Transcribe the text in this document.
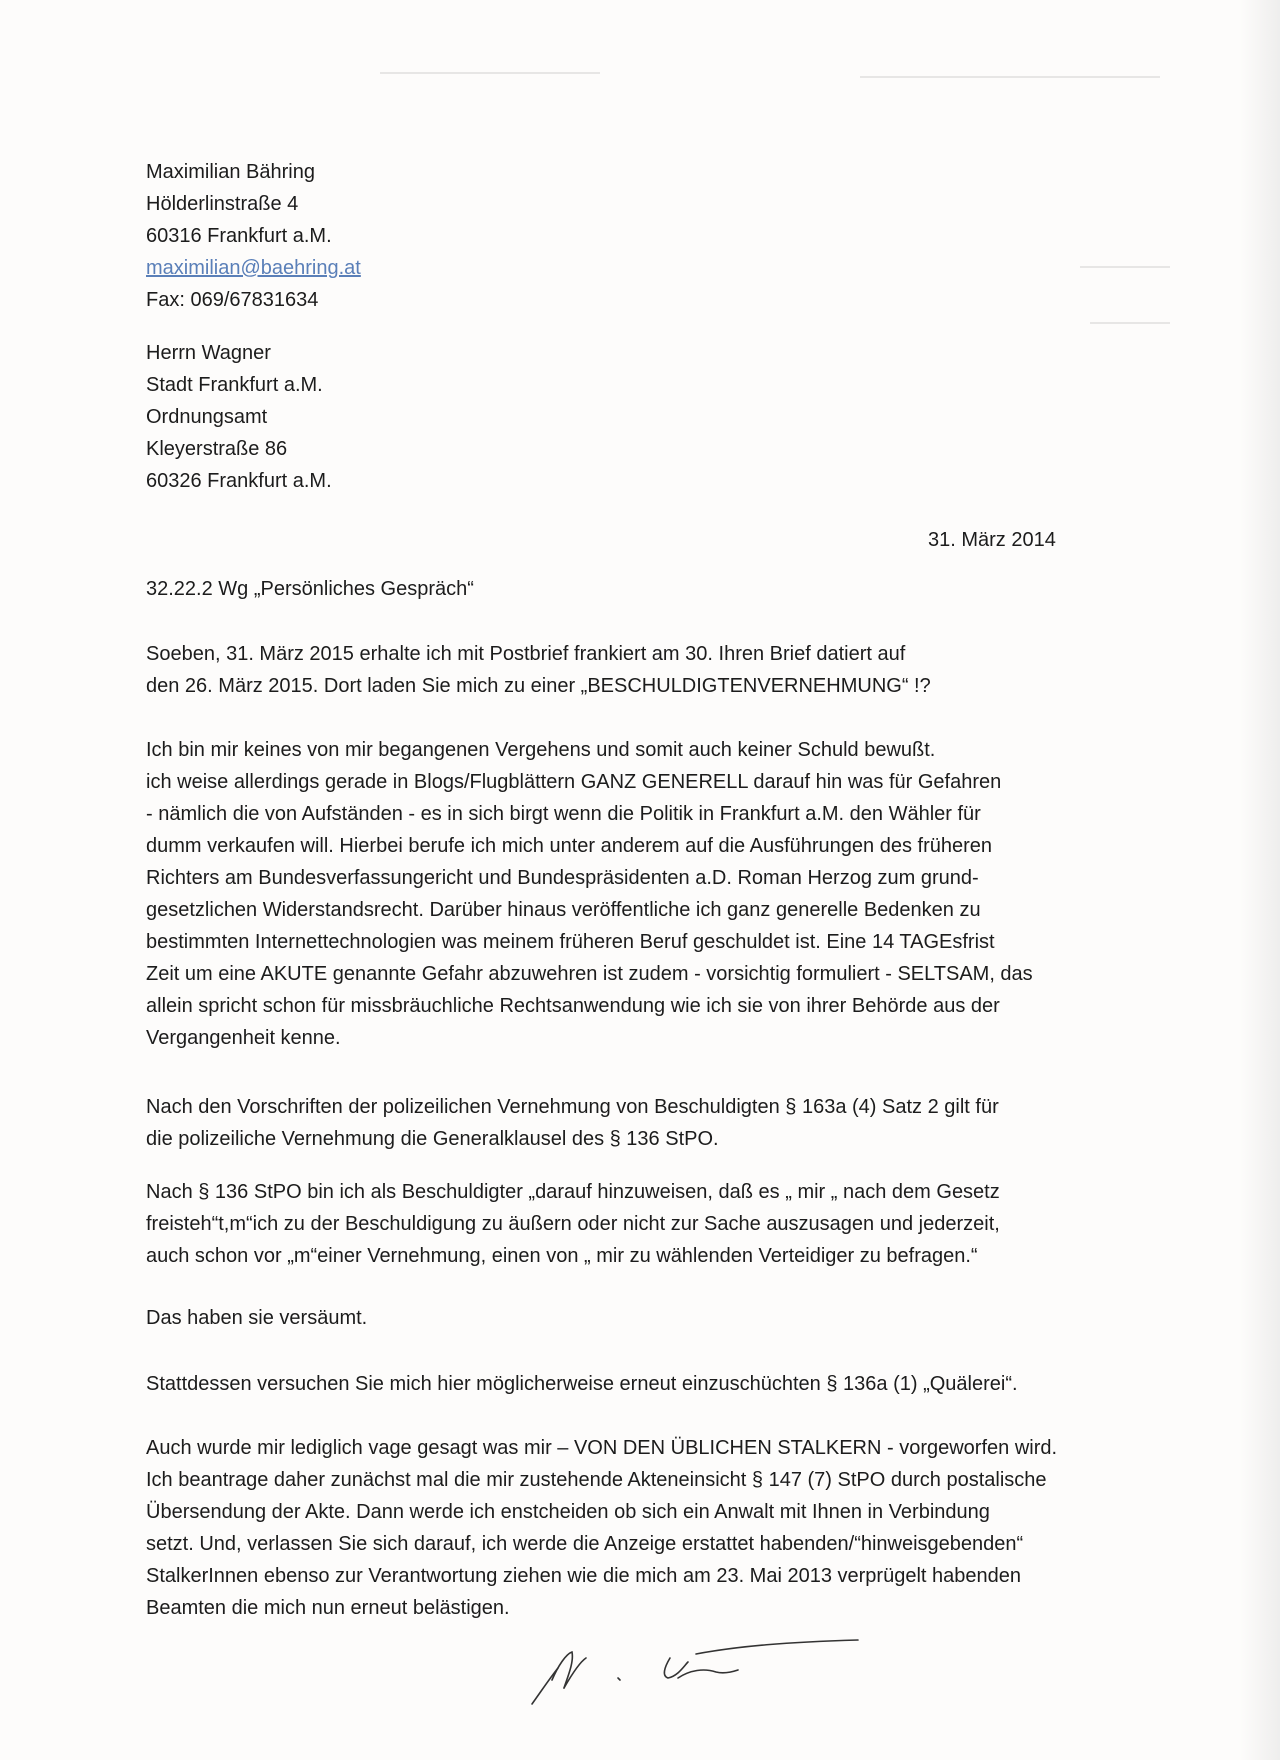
Maximilian Bähring
Hölderlinstraße 4
60316 Frankfurt a.M.
maximilian@baehring.at
Fax: 069/67831634
Herrn Wagner
Stadt Frankfurt a.M.
Ordnungsamt
Kleyerstraße 86
60326 Frankfurt a.M.
31. März 2014
32.22.2 Wg „Persönliches Gespräch“
Soeben, 31. März 2015 erhalte ich mit Postbrief frankiert am 30. Ihren Brief datiert auf
den 26. März 2015. Dort laden Sie mich zu einer „BESCHULDIGTENVERNEHMUNG“ !?
Ich bin mir keines von mir begangenen Vergehens und somit auch keiner Schuld bewußt.
ich weise allerdings gerade in Blogs/Flugblättern GANZ GENERELL darauf hin was für Gefahren
- nämlich die von Aufständen - es in sich birgt wenn die Politik in Frankfurt a.M. den Wähler für
dumm verkaufen will. Hierbei berufe ich mich unter anderem auf die Ausführungen des früheren
Richters am Bundesverfassungericht und Bundespräsidenten a.D. Roman Herzog zum grund-
gesetzlichen Widerstandsrecht. Darüber hinaus veröffentliche ich ganz generelle Bedenken zu
bestimmten Internettechnologien was meinem früheren Beruf geschuldet ist. Eine 14 TAGEsfrist
Zeit um eine AKUTE genannte Gefahr abzuwehren ist zudem - vorsichtig formuliert - SELTSAM, das
allein spricht schon für missbräuchliche Rechtsanwendung wie ich sie von ihrer Behörde aus der
Vergangenheit kenne.
Nach den Vorschriften der polizeilichen Vernehmung von Beschuldigten § 163a (4) Satz 2 gilt für
die polizeiliche Vernehmung die Generalklausel des § 136 StPO.
Nach § 136 StPO bin ich als Beschuldigter „darauf hinzuweisen, daß es „ mir „ nach dem Gesetz
freisteh“t,m“ich zu der Beschuldigung zu äußern oder nicht zur Sache auszusagen und jederzeit,
auch schon vor „m“einer Vernehmung, einen von „ mir zu wählenden Verteidiger zu befragen.“
Das haben sie versäumt.
Stattdessen versuchen Sie mich hier möglicherweise erneut einzuschüchten § 136a (1) „Quälerei“.
Auch wurde mir lediglich vage gesagt was mir – VON DEN ÜBLICHEN STALKERN - vorgeworfen wird.
Ich beantrage daher zunächst mal die mir zustehende Akteneinsicht § 147 (7) StPO durch postalische
Übersendung der Akte. Dann werde ich enstcheiden ob sich ein Anwalt mit Ihnen in Verbindung
setzt. Und, verlassen Sie sich darauf, ich werde die Anzeige erstattet habenden/“hinweisgebenden“
StalkerInnen ebenso zur Verantwortung ziehen wie die mich am 23. Mai 2013 verprügelt habenden
Beamten die mich nun erneut belästigen.
